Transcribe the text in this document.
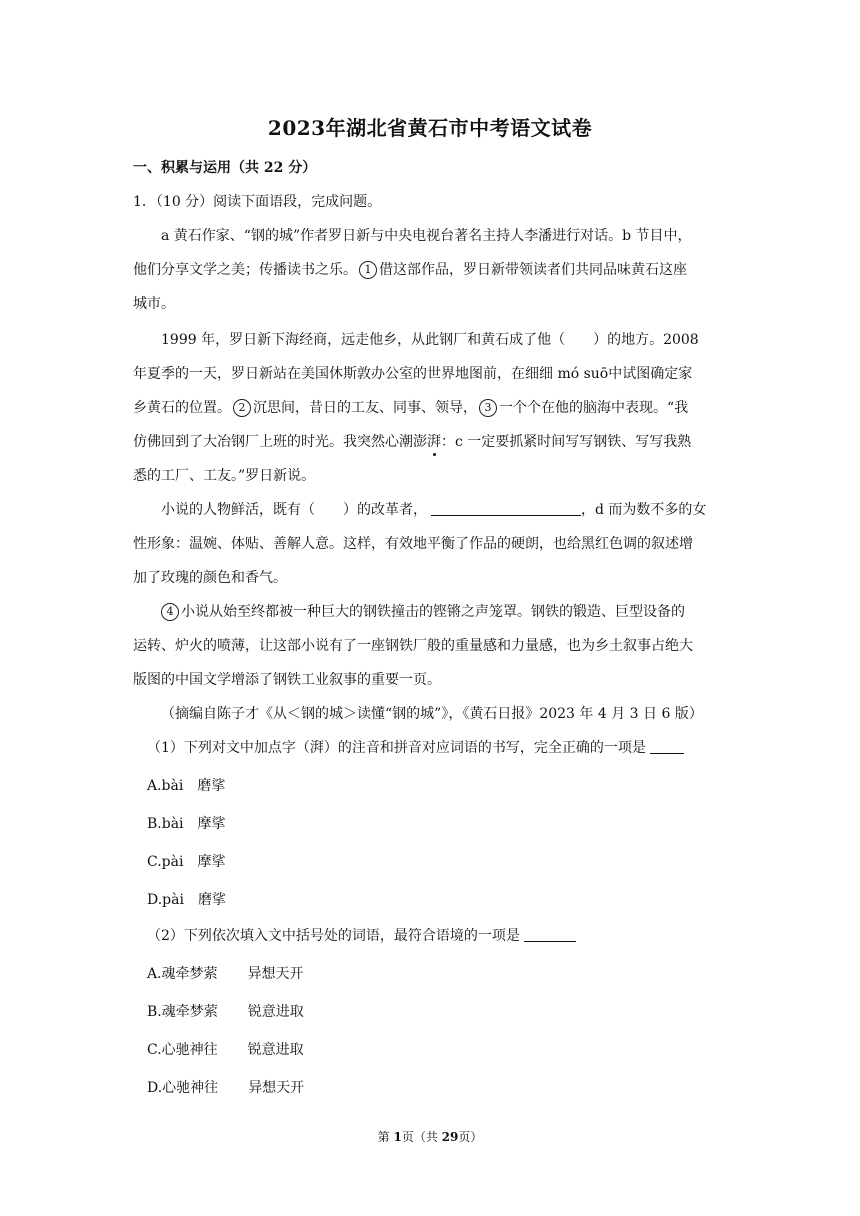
2023年湖北省黄石市中考语文试卷
一、积累与运用（共 22 分）
1．（10 分）阅读下面语段，完成问题。
a 黄石作家、“钢的城”作者罗日新与中央电视台著名主持人李潘进行对话。b 节目中，
他们分享文学之美；传播读书之乐。 1 借这部作品，罗日新带领读者们共同品味黄石这座
城市。
1999 年，罗日新下海经商，远走他乡，从此钢厂和黄石成了他（ ）的地方。2008
年夏季的一天，罗日新站在美国休斯敦办公室的世界地图前，在细细 mó suō中试图确定家
乡黄石的位置。 2 沉思间，昔日的工友、同事、领导， 3 一个个在他的脑海中表现。“我
仿佛回到了大冶钢厂上班的时光。我突然心潮澎湃：c 一定要抓紧时间写写钢铁、写写我熟
悉的工厂、工友。”罗日新说。
小说的人物鲜活，既有（ ）的改革者，	，d 而为数不多的女
性形象：温婉、体贴、善解人意。这样，有效地平衡了作品的硬朗，也给黑红色调的叙述增
加了玫瑰的颜色和香气。
4 小说从始至终都被一种巨大的钢铁撞击的铿锵之声笼罩。钢铁的锻造、巨型设备的
运转、炉火的喷薄，让这部小说有了一座钢铁厂般的重量感和力量感，也为乡土叙事占绝大
版图的中国文学增添了钢铁工业叙事的重要一页。
（摘编自陈子才《从＜钢的城＞读懂“钢的城”》，《黄石日报》2023 年 4 月 3 日 6 版）
（1）下列对文中加点字（湃）的注音和拼音对应词语的书写，完全正确的一项是
A.bài 磨挲
B.bài 摩挲
C.pài 摩挲
D.pài 磨挲
（2）下列依次填入文中括号处的词语，最符合语境的一项是
A.魂牵梦萦 异想天开
B.魂牵梦萦 锐意进取
C.心驰神往 锐意进取
D.心驰神往 异想天开
第 1页（共 29页）
